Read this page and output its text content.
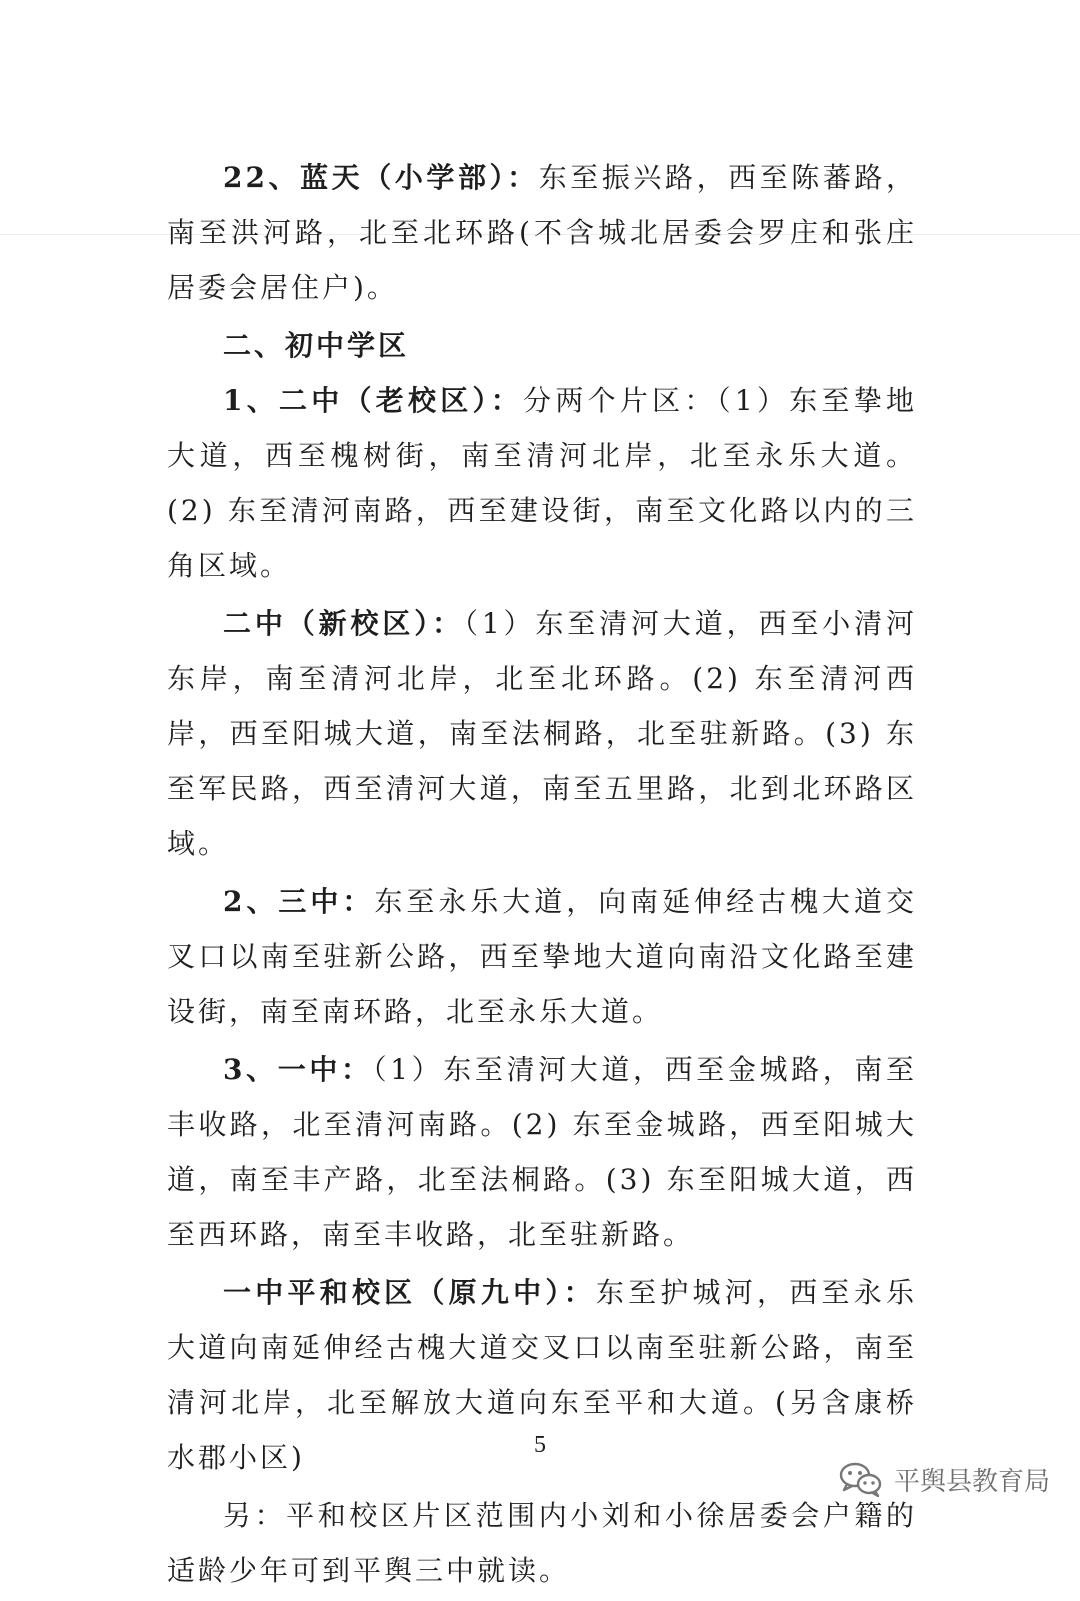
22、蓝天（小学部）：东至振兴路，西至陈蕃路，南至洪河路，北至北环路(不含城北居委会罗庄和张庄居委会居住户)。

二、初中学区

1、二中（老校区）：分两个片区：（1）东至挚地大道，西至槐树街，南至清河北岸，北至永乐大道。(2) 东至清河南路，西至建设街，南至文化路以内的三角区域。

二中（新校区）：（1）东至清河大道，西至小清河东岸，南至清河北岸，北至北环路。(2) 东至清河西岸，西至阳城大道，南至法桐路，北至驻新路。(3) 东至军民路，西至清河大道，南至五里路，北到北环路区域。

2、三中：东至永乐大道，向南延伸经古槐大道交叉口以南至驻新公路，西至挚地大道向南沿文化路至建设街，南至南环路，北至永乐大道。

3、一中：（1）东至清河大道，西至金城路，南至丰收路，北至清河南路。(2) 东至金城路，西至阳城大道，南至丰产路，北至法桐路。(3) 东至阳城大道，西至西环路，南至丰收路，北至驻新路。

一中平和校区（原九中）：东至护城河，西至永乐大道向南延伸经古槐大道交叉口以南至驻新公路，南至清河北岸，北至解放大道向东至平和大道。(另含康桥水郡小区)

另：平和校区片区范围内小刘和小徐居委会户籍的适龄少年可到平舆三中就读。

5
平舆县教育局
